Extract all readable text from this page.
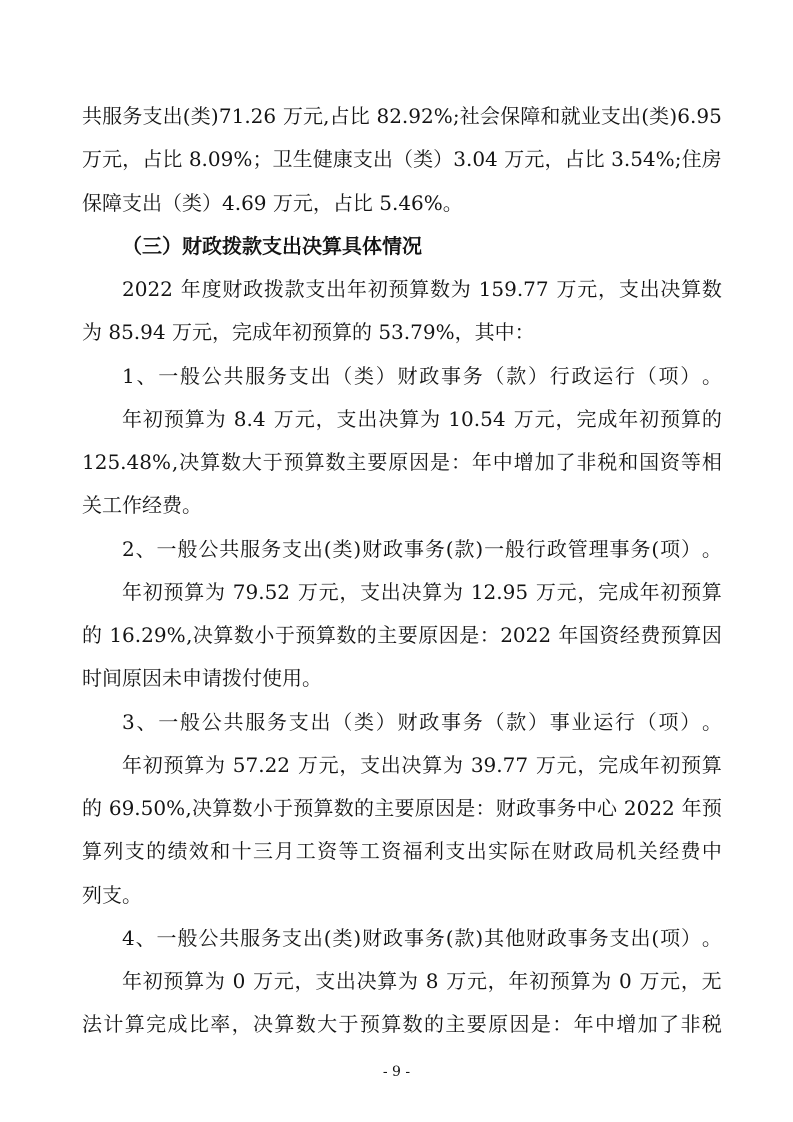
共 服 务 支 出 ( 类 ) 71.26
万 元 , 占 比
82.92% ; 社 会 保 障 和 就 业 支 出 ( 类 ) 6.95
万 元 ， 占 比
8.09% ； 卫 生 健 康 支 出 （ 类 ） 3.04
万 元 ， 占 比
3.54% ; 住 房
保障支出（类）4.69 万元，占比 5.46%。
（三）财政拨款支出决算具体情况
2022
年 度 财 政 拨 款 支 出 年 初 预 算 数 为
159.77
万 元 ， 支 出 决 算 数
为 85.94 万元，完成年初预算的 53.79%，其中：
1 、 一 般 公 共 服 务 支 出 （ 类 ） 财 政 事 务 （ 款 ） 行 政 运 行 （ 项 ） 。
年 初 预 算 为
8.4
万 元 ， 支 出 决 算 为
10.54
万 元 ， 完 成 年 初 预 算 的
125.48% , 决 算 数 大 于 预 算 数 主 要 原 因 是 ： 年 中 增 加 了 非 税 和 国 资 等 相
关工作经费。
2 、 一 般 公 共 服 务 支 出 ( 类 ) 财 政 事 务 ( 款 ) 一 般 行 政 管 理 事 务 ( 项 ） 。
年 初 预 算 为
79.52
万 元 ， 支 出 决 算 为
12.95
万 元 ， 完 成 年 初 预 算
的
16.29% , 决 算 数 小 于 预 算 数 的 主 要 原 因 是 ： 2022
年 国 资 经 费 预 算 因
时间原因未申请拨付使用。
3 、 一 般 公 共 服 务 支 出 （ 类 ） 财 政 事 务 （ 款 ） 事 业 运 行 （ 项 ） 。
年 初 预 算 为
57.22
万 元 ， 支 出 决 算 为
39.77
万 元 ， 完 成 年 初 预 算
的
69.50% , 决 算 数 小 于 预 算 数 的 主 要 原 因 是 ： 财 政 事 务 中 心
2022
年 预
算 列 支 的 绩 效 和 十 三 月 工 资 等 工 资 福 利 支 出 实 际 在 财 政 局 机 关 经 费 中
列支。
4 、 一 般 公 共 服 务 支 出 ( 类 ) 财 政 事 务 ( 款 ) 其 他 财 政 事 务 支 出 ( 项 ） 。
年 初 预 算 为
0
万 元 ， 支 出 决 算 为
8
万 元 ， 年 初 预 算 为
0
万 元 ， 无
法 计 算 完 成 比 率 ， 决 算 数 大 于 预 算 数 的 主 要 原 因 是 ： 年 中 增 加 了 非 税
- 9 -
